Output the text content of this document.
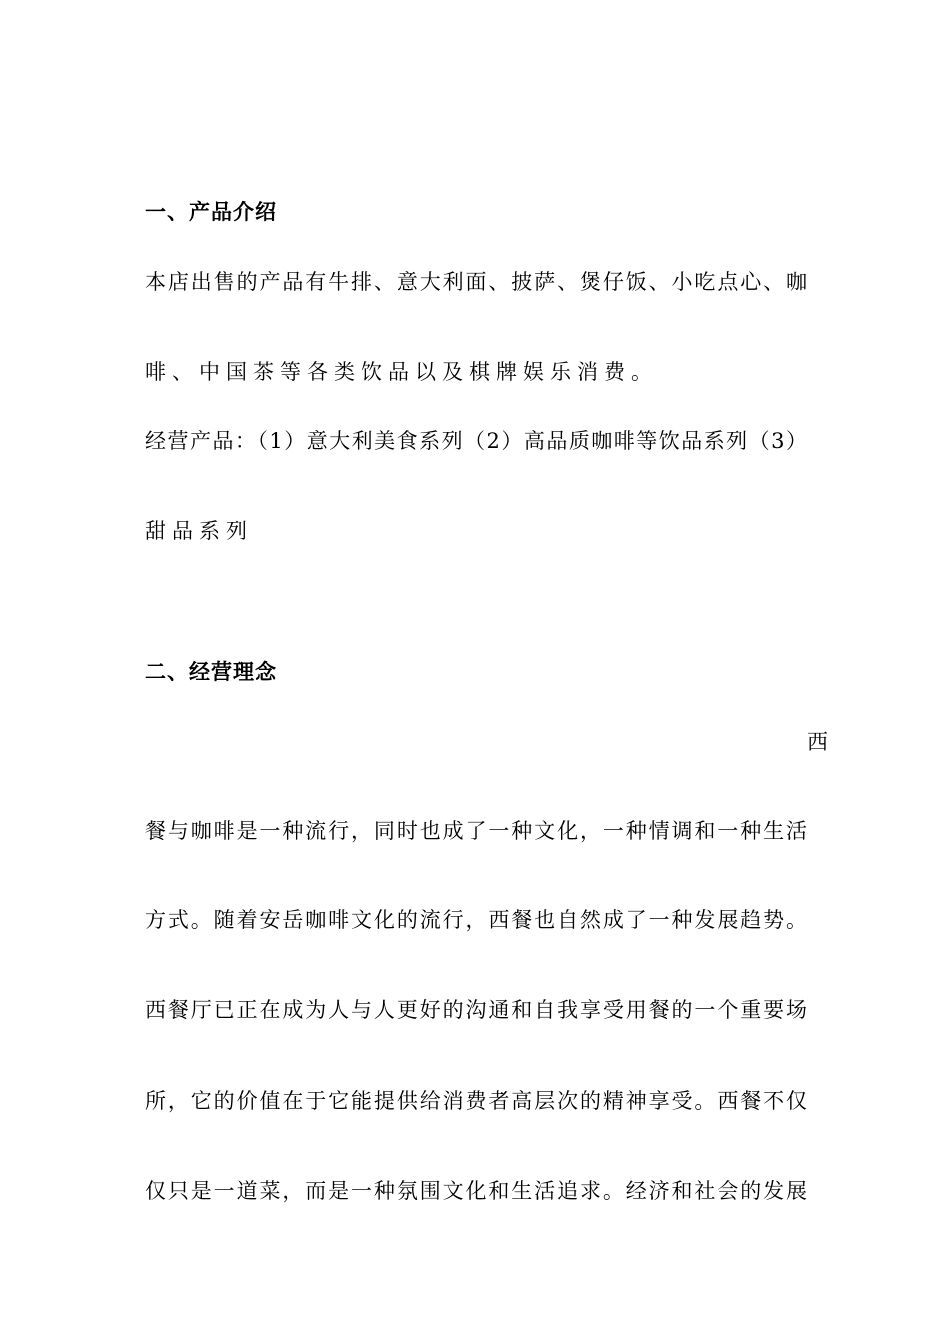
一、产品介绍
本店出售的产品有牛排、意大利面、披萨、煲仔饭、小吃点心、咖
啡、中国茶等各类饮品以及棋牌娱乐消费。
经营产品：（1）意大利美食系列（2）高品质咖啡等饮品系列（3）
甜品系列
二、经营理念
西
餐与咖啡是一种流行，同时也成了一种文化，一种情调和一种生活
方式。随着安岳咖啡文化的流行，西餐也自然成了一种发展趋势。
西餐厅已正在成为人与人更好的沟通和自我享受用餐的一个重要场
所，它的价值在于它能提供给消费者高层次的精神享受。西餐不仅
仅只是一道菜，而是一种氛围文化和生活追求。经济和社会的发展
